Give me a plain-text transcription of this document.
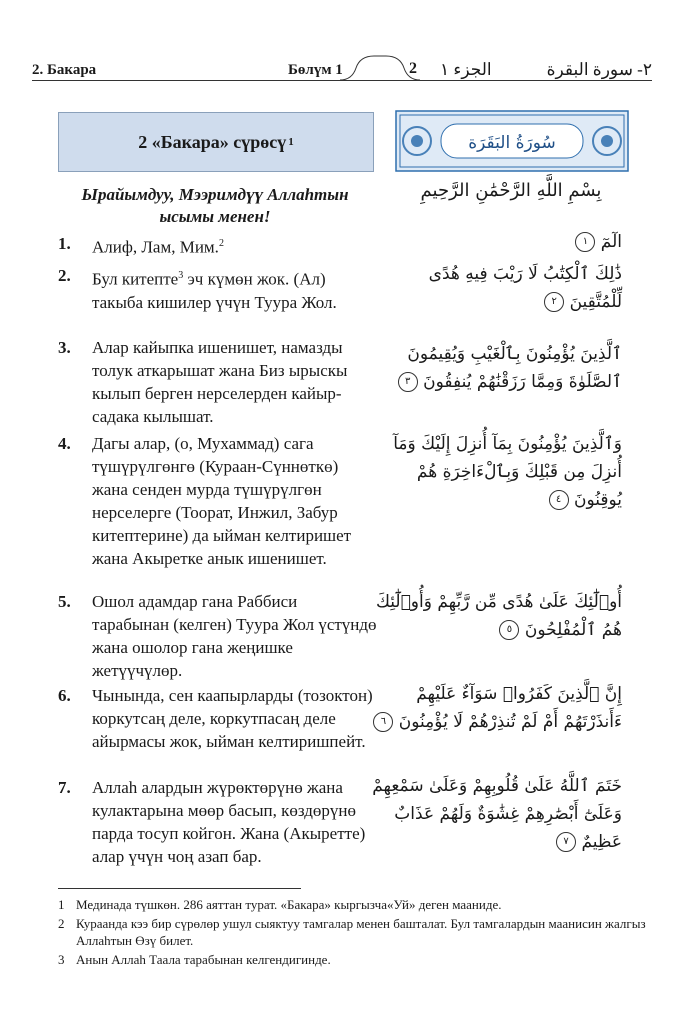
2. Бакара	Бөлүм 1	2	الجزء ١	٢- سورة البقرة
2 «Бакара» сүрөсү 1	سُورَةُ البَقَرَة
Ырайымдуу, Мээримдүү Аллаһтын ысымы менен!
بِسْمِ اللَّهِ الرَّحْمَٰنِ الرَّحِيمِ
1. Алиф, Лам, Мим.$^2$
2. Бул китепте$^3$ эч күмөн жок. (Ал) такыба кишилер үчүн Туура Жол.
3. Алар кайыпка ишенишет, намазды толук аткарышат жана Биз ырыскы кылып берген нерселерден кайыр-садака кылышат.
4. Дагы алар, (о, Мухаммад) сага түшүрүлгөнгө (Кураан-Сүннөткө) жана сенден мурда түшүрүлгөн нерселерге (Тоорат, Инжил, Забур китептерине) да ыйман келтиришет жана Акыретке анык ишенишет.
5. Ошол адамдар гана Раббиси тарабынан (келген) Туура Жол үстүндө жана ошолор гана жеңишке жетүүчүлөр.
6. Чынында, сен каапырларды (тозоктон) коркутсаң деле, коркутпасаң деле айырмасы жок, ыйман келтиришпейт.
7. Аллаһ алардын жүрөктөрүнө жана кулактарына мөөр басып, көздөрүнө парда тосуп койгон. Жана (Акыретте) алар үчүн чоң азап бар.
الٓمٓ ١
ذَٰلِكَ ٱلْكِتَٰبُ لَا رَيْبَ فِيهِ هُدًى لِّلْمُتَّقِينَ ٢
ٱلَّذِينَ يُؤْمِنُونَ بِٱلْغَيْبِ وَيُقِيمُونَ ٱلصَّلَوٰةَ وَمِمَّا رَزَقْنَٰهُمْ يُنفِقُونَ ٣
وَٱلَّذِينَ يُؤْمِنُونَ بِمَآ أُنزِلَ إِلَيْكَ وَمَآ أُنزِلَ مِن قَبْلِكَ وَبِٱلْءَاخِرَةِ هُمْ يُوقِنُونَ ٤
أُو۟لَٰٓئِكَ عَلَىٰ هُدًى مِّن رَّبِّهِمْ وَأُو۟لَٰٓئِكَ هُمُ ٱلْمُفْلِحُونَ ٥
إِنَّ ٱلَّذِينَ كَفَرُوا۟ سَوَآءٌ عَلَيْهِمْ ءَأَنذَرْتَهُمْ أَمْ لَمْ تُنذِرْهُمْ لَا يُؤْمِنُونَ ٦
خَتَمَ ٱللَّهُ عَلَىٰ قُلُوبِهِمْ وَعَلَىٰ سَمْعِهِمْ وَعَلَىٰٓ أَبْصَٰرِهِمْ غِشَٰوَةٌ وَلَهُمْ عَذَابٌ عَظِيمٌ ٧
1 Мединада түшкөн. 286 аяттан турат. «Бакара» кыргызча«Уй» деген мааниде.
2 Кураанда кээ бир сүрөлөр ушул сыяктуу тамгалар менен башталат. Бул тамгалардын маанисин жалгыз Аллаһтын Өзү билет.
3 Анын Аллаһ Таала тарабынан келгендигинде.
